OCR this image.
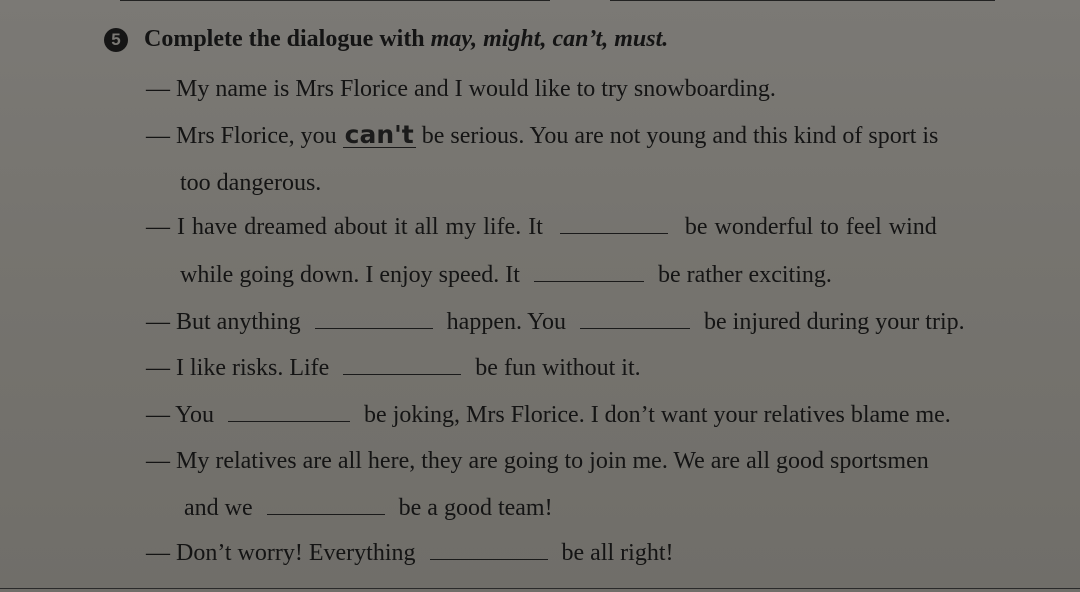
5 Complete the dialogue with may, might, can’t, must.
— My name is Mrs Florice and I would like to try snowboarding.
— Mrs Florice, you can't be serious. You are not young and this kind of sport is
too dangerous.
— I have dreamed about it all my life. It	be wonderful to feel wind
while going down. I enjoy speed. It	be rather exciting.
— But anything	happen. You	be injured during your trip.
— I like risks. Life	be fun without it.
— You	be joking, Mrs Florice. I don’t want your relatives blame me.
— My relatives are all here, they are going to join me. We are all good sportsmen
and we	be a good team!
— Don’t worry! Everything	be all right!
